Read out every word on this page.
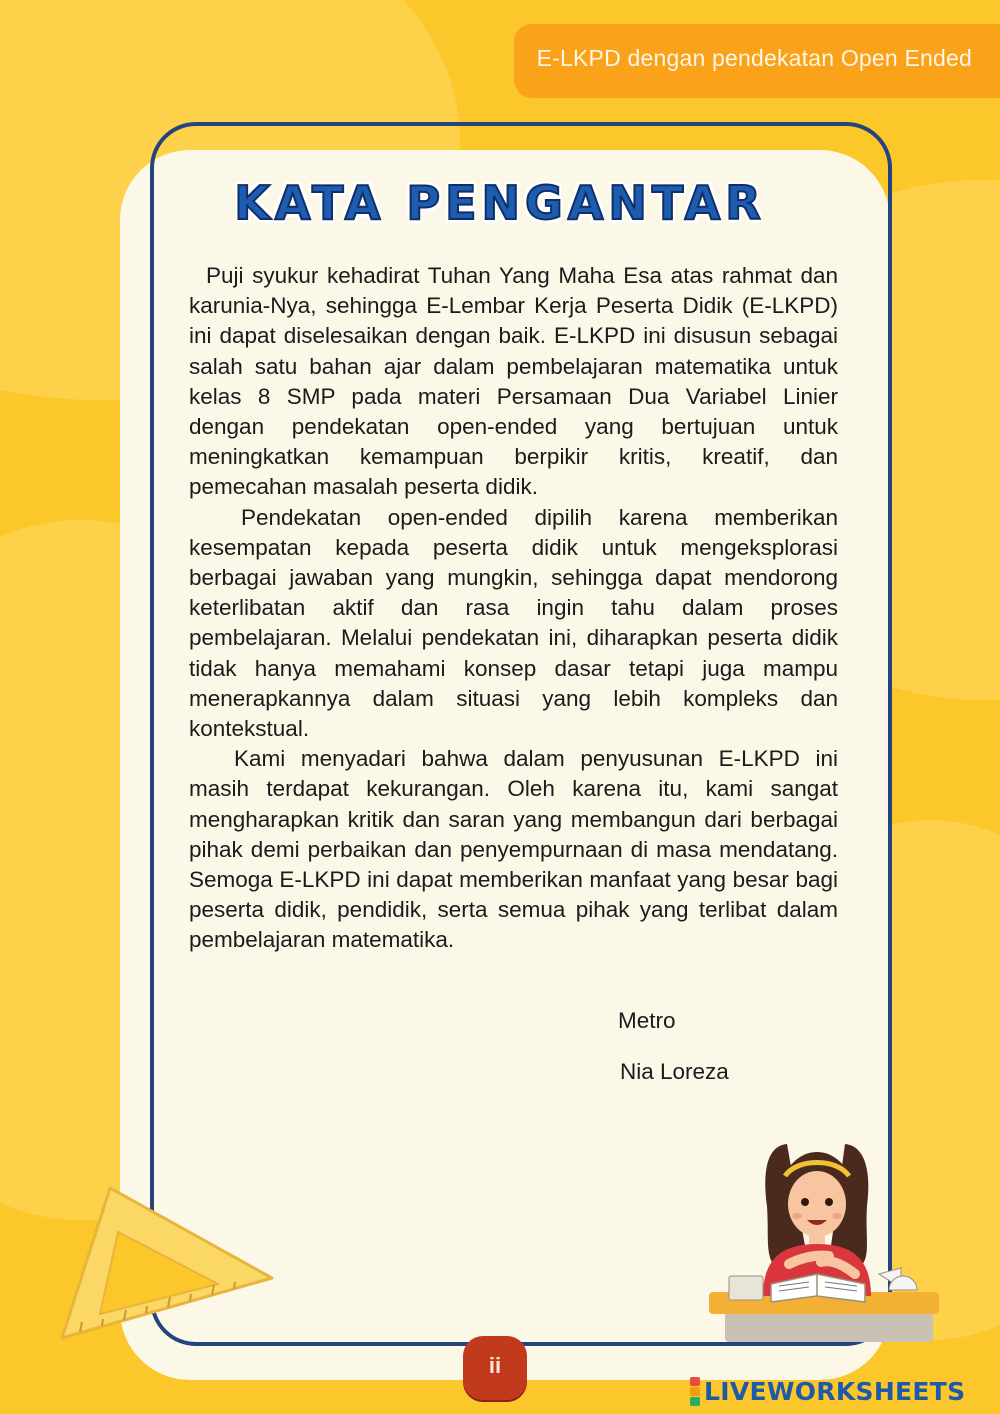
E-LKPD dengan pendekatan Open Ended
KATA PENGANTAR

Puji syukur kehadirat Tuhan Yang Maha Esa atas rahmat dan karunia-Nya, sehingga E-Lembar Kerja Peserta Didik (E-LKPD) ini dapat diselesaikan dengan baik. E-LKPD ini disusun sebagai salah satu bahan ajar dalam pembelajaran matematika untuk kelas 8 SMP pada materi Persamaan Dua Variabel Linier dengan pendekatan open-ended yang bertujuan untuk meningkatkan kemampuan berpikir kritis, kreatif, dan pemecahan masalah peserta didik.

Pendekatan open-ended dipilih karena memberikan kesempatan kepada peserta didik untuk mengeksplorasi berbagai jawaban yang mungkin, sehingga dapat mendorong keterlibatan aktif dan rasa ingin tahu dalam proses pembelajaran. Melalui pendekatan ini, diharapkan peserta didik tidak hanya memahami konsep dasar tetapi juga mampu menerapkannya dalam situasi yang lebih kompleks dan kontekstual.

Kami menyadari bahwa dalam penyusunan E-LKPD ini masih terdapat kekurangan. Oleh karena itu, kami sangat mengharapkan kritik dan saran yang membangun dari berbagai pihak demi perbaikan dan penyempurnaan di masa mendatang. Semoga E-LKPD ini dapat memberikan manfaat yang besar bagi peserta didik, pendidik, serta semua pihak yang terlibat dalam pembelajaran matematika.

Metro
Nia Loreza
ii
LIVEWORKSHEETS
